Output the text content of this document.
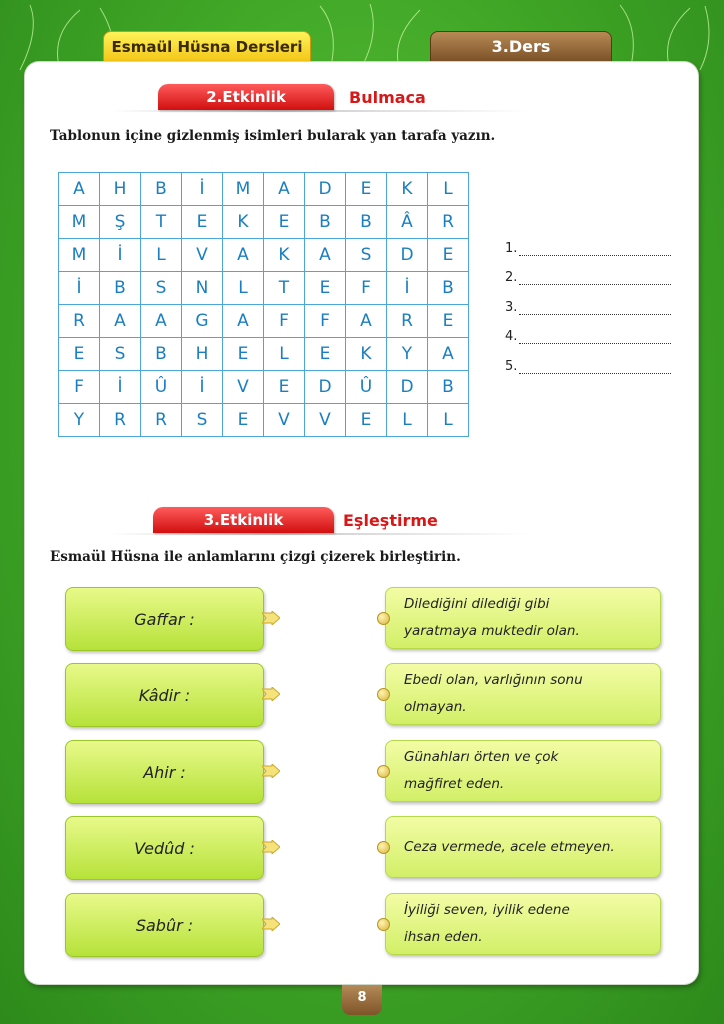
Esmaül Hüsna Dersleri	3.Ders
2.Etkinlik	Bulmaca
Tablonun içine gizlenmiş isimleri bularak yan tarafa yazın.
A	H	B	İ	M	A	D	E	K	L
M	Ş	T	E	K	E	B	B	Â	R
M	İ	L	V	A	K	A	S	D	E
İ	B	S	N	L	T	E	F	İ	B
R	A	A	G	A	F	F	A	R	E
E	S	B	H	E	L	E	K	Y	A
F	İ	Û	İ	V	E	D	Û	D	B
Y	R	R	S	E	V	V	E	L	L
1.
2.
3.
4.
5.
3.Etkinlik	Eşleştirme
Esmaül Hüsna ile anlamlarını çizgi çizerek birleştirin.
Gaffar :
Dilediğini dilediği gibi
yaratmaya muktedir olan.
Kâdir :
Ebedi olan, varlığının sonu
olmayan.
Ahir :
Günahları örten ve çok
mağfiret eden.
Vedûd :	Ceza vermede, acele etmeyen.
Sabûr :
İyiliği seven, iyilik edene
ihsan eden.
8
